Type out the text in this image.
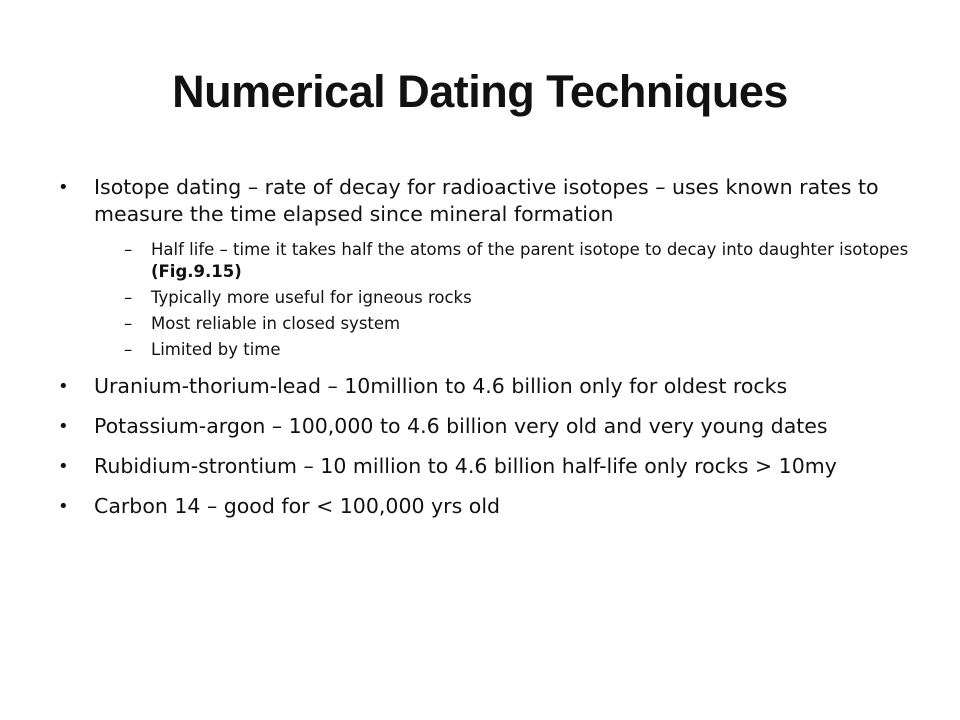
Numerical Dating Techniques
•	Isotope dating – rate of decay for radioactive isotopes – uses known rates to measure the time elapsed since mineral formation
–	Half life – time it takes half the atoms of the parent isotope to decay into daughter isotopes (Fig.9.15)
–	Typically more useful for igneous rocks
–	Most reliable in closed system
–	Limited by time
•	Uranium-thorium-lead – 10million to 4.6 billion only for oldest rocks
•	Potassium-argon – 100,000 to 4.6 billion very old and very young dates
•	Rubidium-strontium – 10 million to 4.6 billion half-life only rocks > 10my
•	Carbon 14 – good for < 100,000 yrs old
